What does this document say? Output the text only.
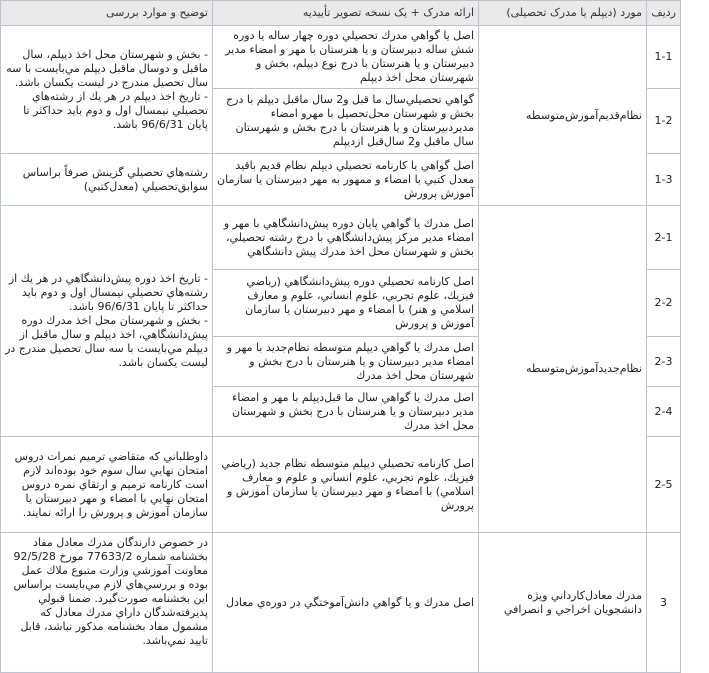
ردیف	مورد (دیپلم یا مدرک تحصیلی)	ارائه مدرک + یک نسخه تصویر تأییدیه	توضیح و موارد بررسی
1-1	نظام‌قدیم‌آموزش‌متوسطه	اصل يا گواهي مدرك تحصيلي دوره چهار ساله يا دوره شش ساله دبيرستان و يا هنرستان با مهر و امضاء مدير دبيرستان و يا هنرستان با درج نوع ديپلم، بخش و شهرستان محل اخذ ديپلم	- بخش و شهرستان محل اخذ ديپلم، سال ماقبل و دوسال ماقبل ديپلم مي‌بايست با سه سال تحصيل مندرج در ليست يكسان باشد.
- تاريخ اخذ ديپلم در هر يك از رشته‌هاي تحصيلي نيمسال اول و دوم بايد حداكثر تا پايان 96/6/31 باشد.
1-2		گواهي تحصيلي‌سال ما قبل و2 سال ماقبل ديپلم با درج بخش و شهرستان محل‌تحصيل با مهرو امضاء مديردبيرستان و يا هنرستان با درج بخش و شهرستان سال ماقبل و2 سال‌قبل ازديپلم	
1-3		اصل گواهي يا كارنامه تحصيلي ديپلم نظام قديم باقيد معدل كتبي با امضاء و ممهور به مهر دبيرستان يا سازمان آموزش پرورش	رشته‌هاي تحصيلي گزينش صرفاً براساس سوابق‌تحصيلي (معدل‌كتبي)
2-1	نظام‌جديدآموزش‌متوسطه	اصل مدرك يا گواهي پايان دوره پيش‌دانشگاهي با مهر و امضاء مدير مركز پيش‌دانشگاهي با درج رشته تحصيلي، بخش و شهرستان محل اخذ مدرك پيش دانشگاهي	- تاريخ اخذ دوره پيش‌دانشگاهي در هر يك از رشته‌هاي تحصيلي نيمسال اول و دوم بايد حداكثر تا پايان 96/6/31 باشد.
- بخش و شهرستان محل اخذ مدرك دوره پيش‌دانشگاهي، اخذ ديپلم و سال ماقبل از ديپلم مي‌بايست با سه سال تحصيل مندرج در ليست يكسان باشد.
2-2		اصل كارنامه تحصيلي دوره پيش‌دانشگاهي (رياضي فيزيك، علوم تجربي، علوم انساني، علوم و معارف اسلامي و هنر) با امضاء و مهر دبيرستان يا سازمان آموزش و پرورش	
2-3		اصل مدرك يا گواهي ديپلم متوسطه نظام‌جديد با مهر و امضاء مدير دبيرستان و يا هنرستان با درج بخش و شهرستان محل اخذ مدرك	
2-4		اصل مدرك يا گواهي سال ما قبل‌ديپلم با مهر و امضاء مدير دبيرستان و يا هنرستان با درج بخش و شهرستان محل اخذ مدرك	
2-5		اصل كارنامه تحصيلي ديپلم متوسطه نظام جديد (رياضي فيزيك، علوم تجربي، علوم انساني و علوم و معارف اسلامي) با امضاء و مهر دبيرستان يا سازمان آموزش و پرورش	داوطلباني كه متقاضي ترميم نمرات دروس امتحان نهايي سال سوم خود بوده‌اند لازم است كارنامه ترميم و ارتقاي نمره دروس امتحان نهايي با امضاء و مهر دبيرستان يا سازمان آموزش و پرورش را ارائه نمايند.
3	مدرك معادل‌كارداني ويژه دانشجويان اخراجي و انصرافي	اصل مدرك و يا گواهي دانش‌آموختگي در دوره‌ي معادل	در خصوص دارندگان مدرك معادل مفاد بخشنامه شماره 77633/2 مورخ 92/5/28 معاونت آموزشي وزارت متبوع ملاك عمل بوده و بررسي‌هاي لازم مي‌بايست براساس اين بخشنامه صورت‌گيرد. ضمنا قبولي پذيرفته‌شدگان داراي مدرك معادل كه مشمول مفاد بخشنامه مذكور نباشد، قابل تاييد نمي‌باشد.
